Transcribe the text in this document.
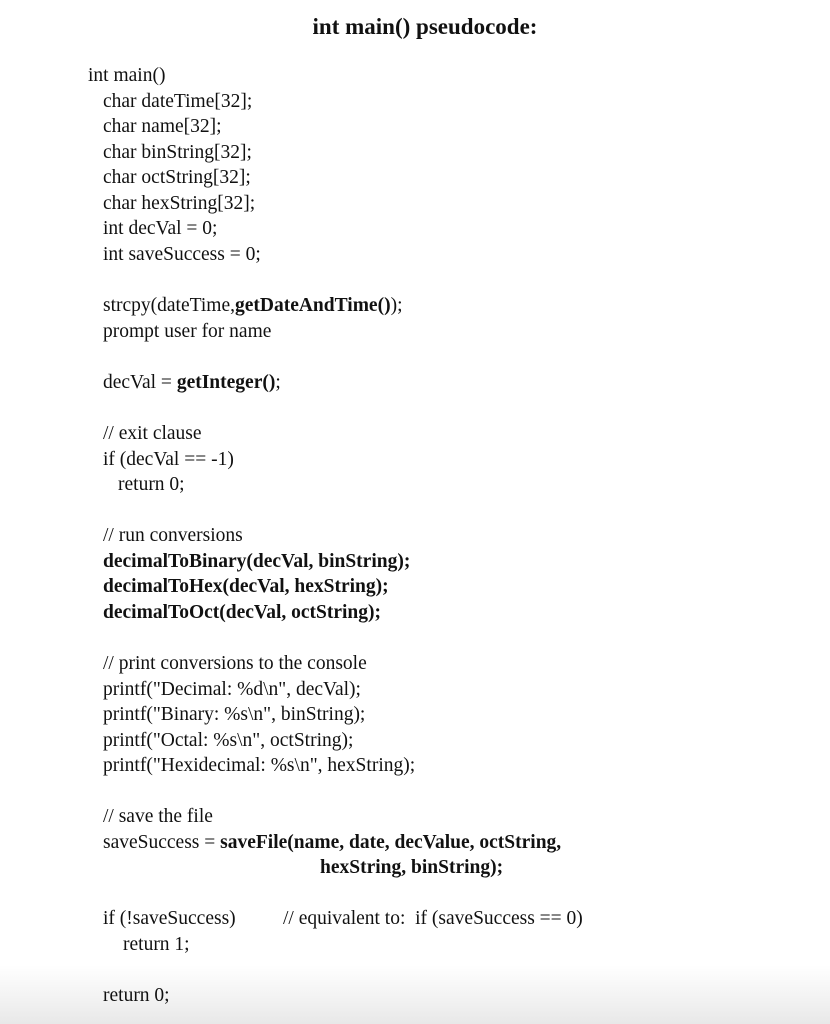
int main() pseudocode:
int main()
char dateTime[32];
char name[32];
char binString[32];
char octString[32];
char hexString[32];
int decVal = 0;
int saveSuccess = 0;
strcpy(dateTime,getDateAndTime());
prompt user for name
decVal = getInteger();
// exit clause
if (decVal == -1)
return 0;
// run conversions
decimalToBinary(decVal, binString);
decimalToHex(decVal, hexString);
decimalToOct(decVal, octString);
// print conversions to the console
printf("Decimal: %d\n", decVal);
printf("Binary: %s\n", binString);
printf("Octal: %s\n", octString);
printf("Hexidecimal: %s\n", hexString);
// save the file
saveSuccess = saveFile(name, date, decValue, octString,
hexString, binString);
if (!saveSuccess) // equivalent to:  if (saveSuccess == 0)
return 1;
return 0;
